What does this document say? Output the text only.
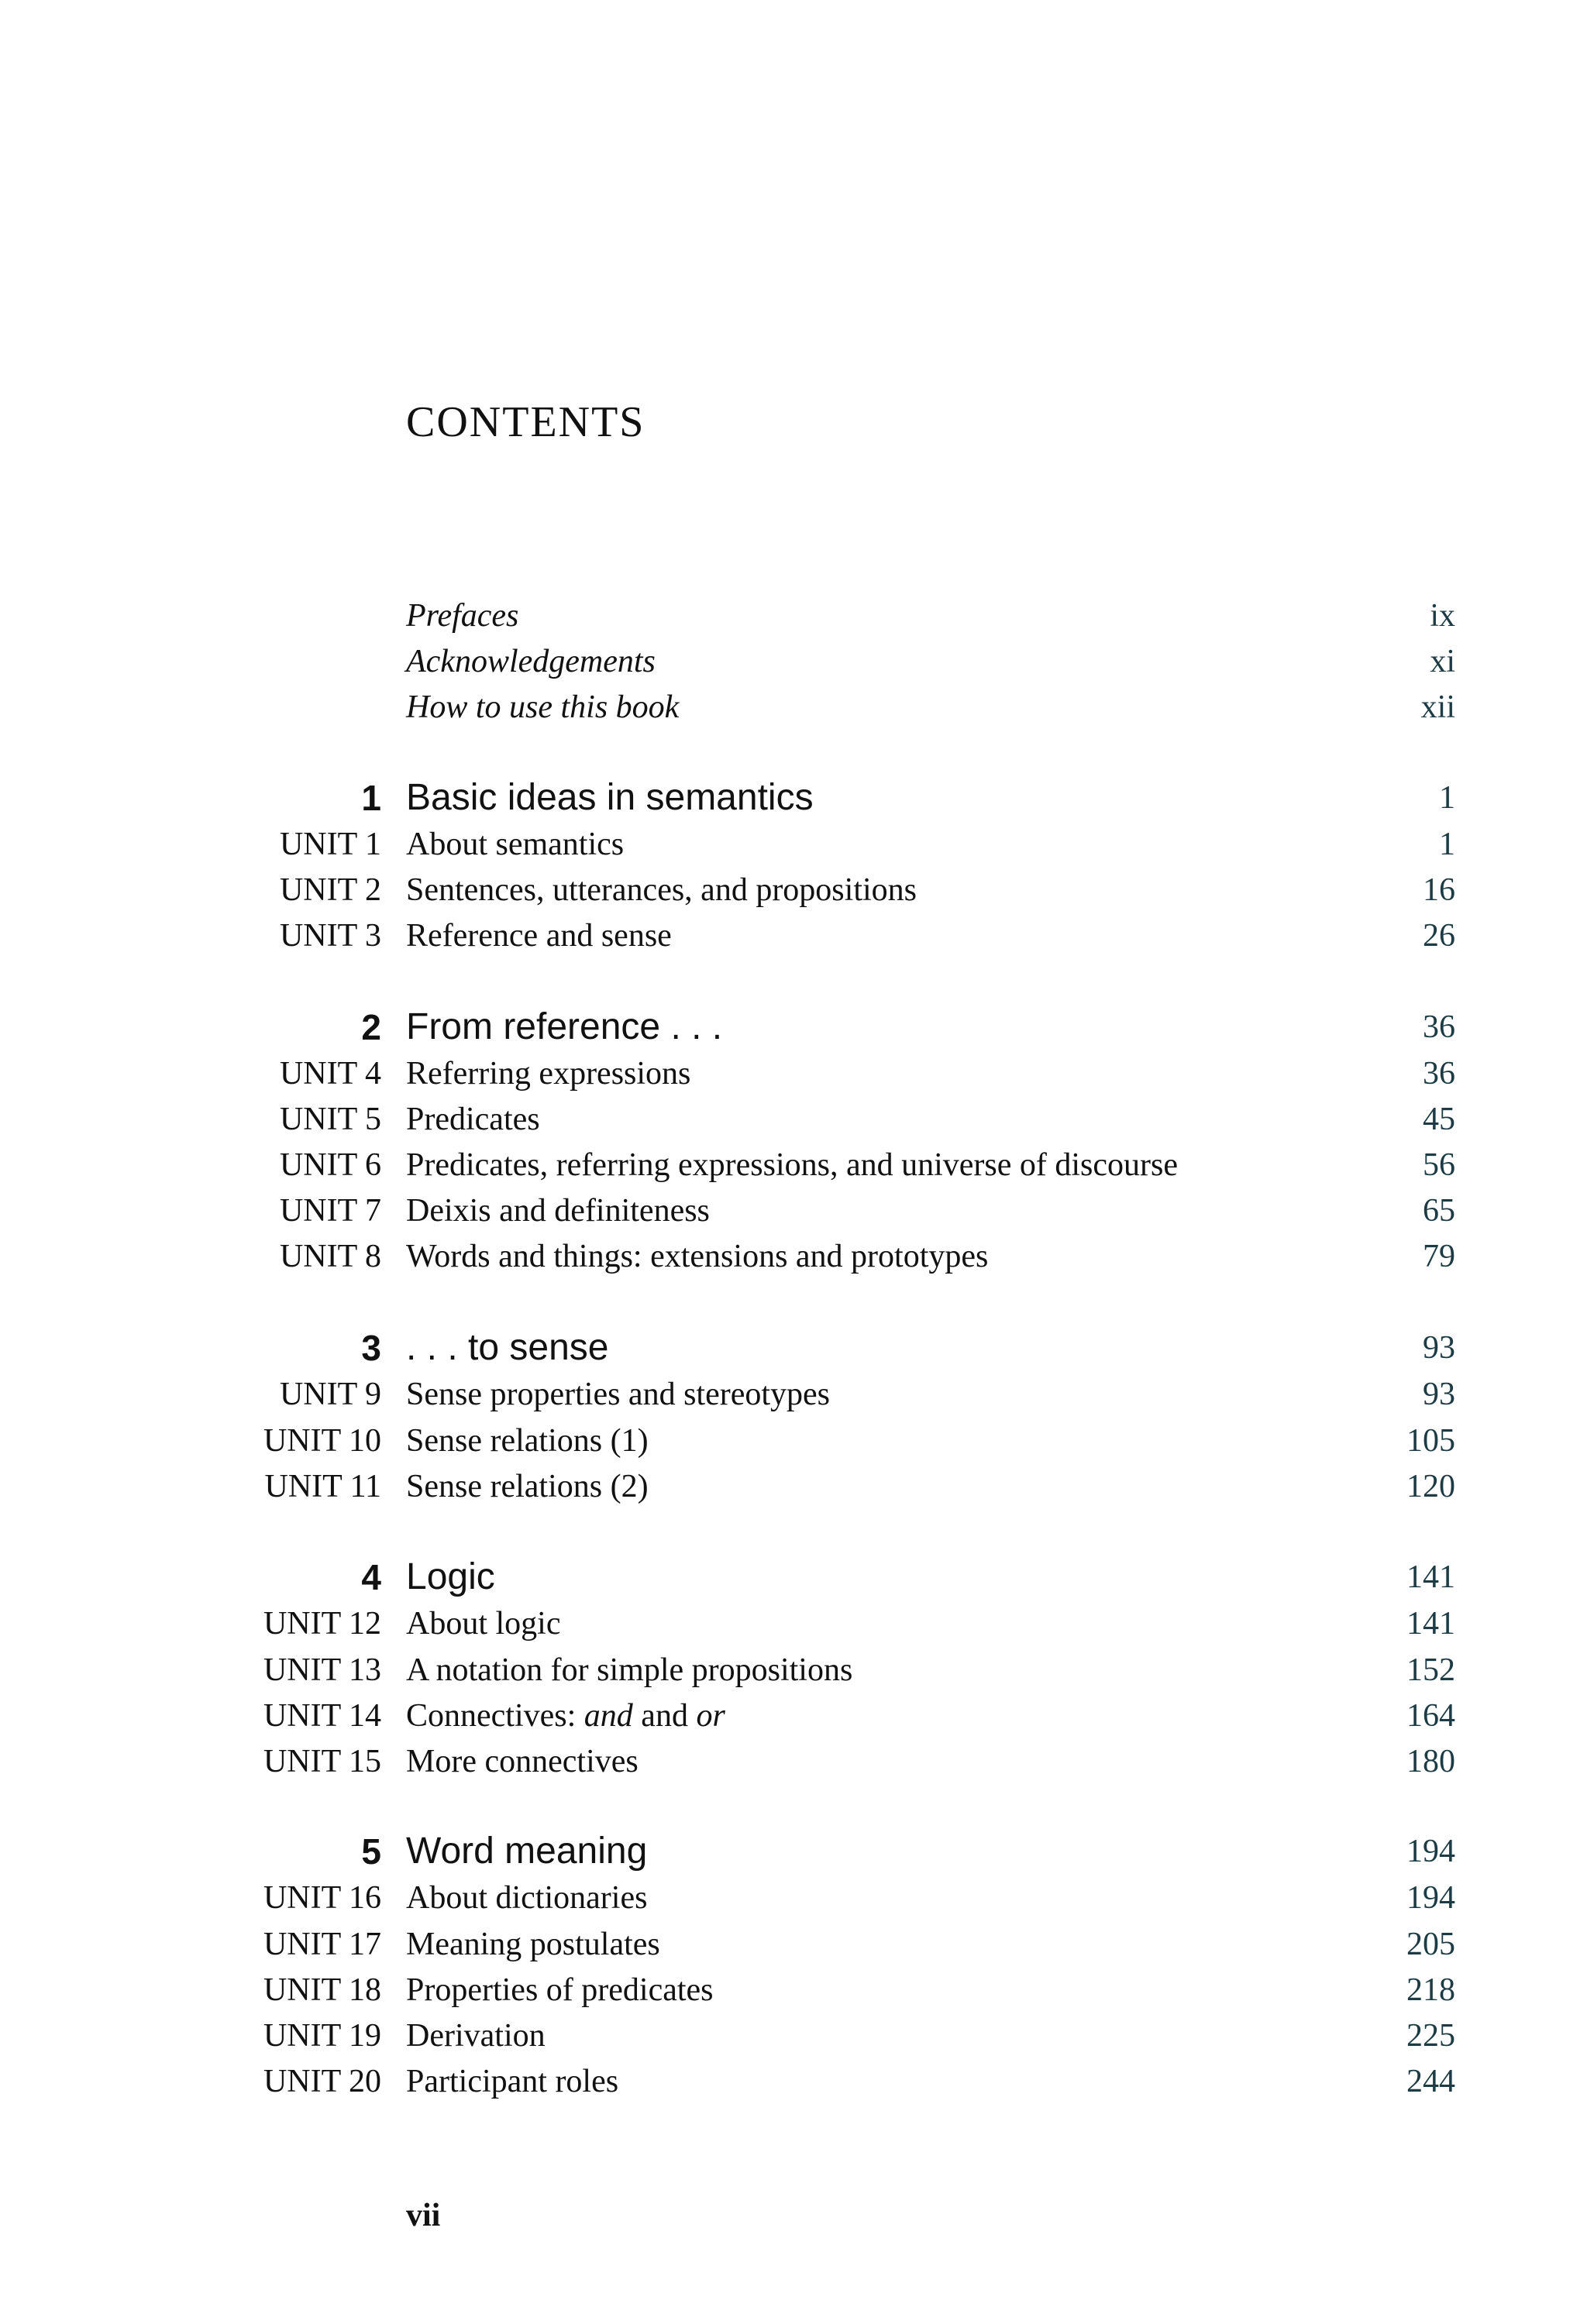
CONTENTS
Prefaces	ix
Acknowledgements	xi
How to use this book	xii
1 Basic ideas in semantics	1
UNIT 1 About semantics	1
UNIT 2 Sentences, utterances, and propositions	16
UNIT 3 Reference and sense	26
2 From reference . . .	36
UNIT 4 Referring expressions	36
UNIT 5 Predicates	45
UNIT 6 Predicates, referring expressions, and universe of discourse	56
UNIT 7 Deixis and definiteness	65
UNIT 8 Words and things: extensions and prototypes	79
3 . . . to sense	93
UNIT 9 Sense properties and stereotypes	93
UNIT 10 Sense relations (1)	105
UNIT 11 Sense relations (2)	120
4 Logic	141
UNIT 12 About logic	141
UNIT 13 A notation for simple propositions	152
UNIT 14 Connectives: and and or	164
UNIT 15 More connectives	180
5 Word meaning	194
UNIT 16 About dictionaries	194
UNIT 17 Meaning postulates	205
UNIT 18 Properties of predicates	218
UNIT 19 Derivation	225
UNIT 20 Participant roles	244
vii
